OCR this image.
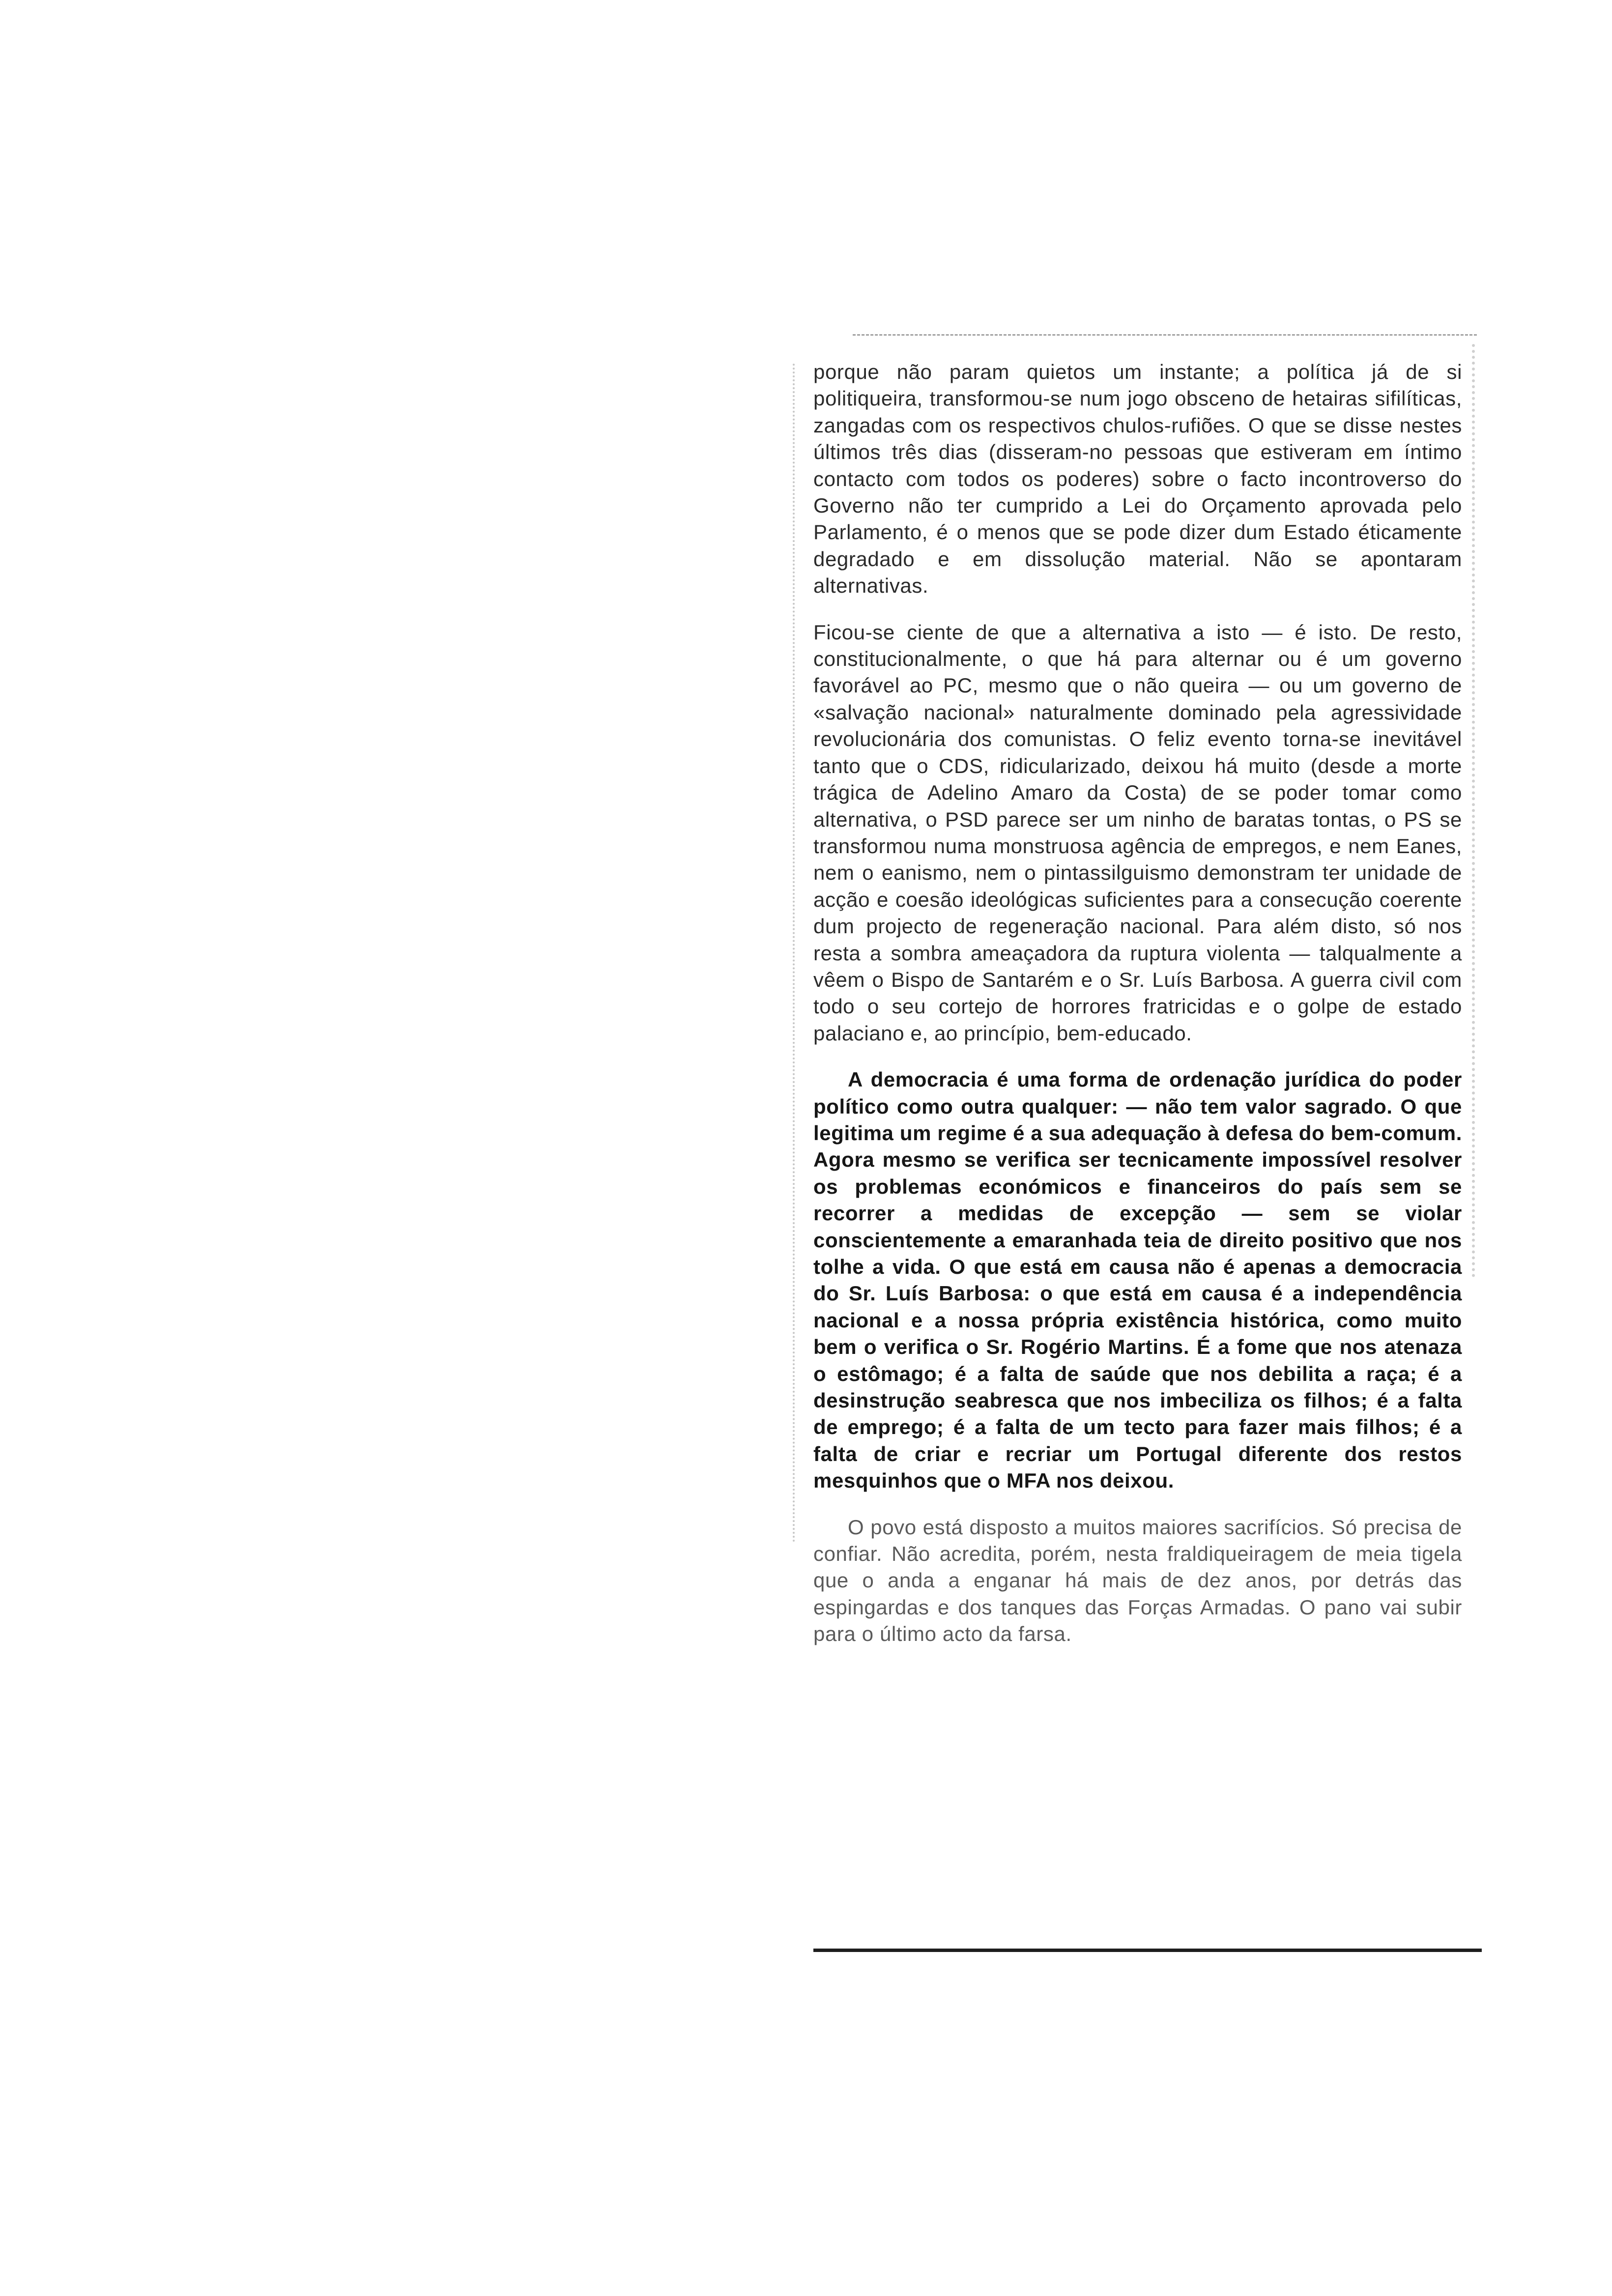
porque não param quietos um instante; a política já de si politiqueira, transformou-se num jogo obsceno de hetairas sifilíticas, zangadas com os respectivos chulos-rufiões. O que se disse nestes últimos três dias (disseram-no pessoas que estiveram em íntimo contacto com todos os poderes) sobre o facto incontroverso do Governo não ter cumprido a Lei do Orçamento aprovada pelo Parlamento, é o menos que se pode dizer dum Estado éticamente degradado e em dissolução material. Não se apontaram alternativas.

Ficou-se ciente de que a alternativa a isto — é isto. De resto, constitucionalmente, o que há para alternar ou é um governo favorável ao PC, mesmo que o não queira — ou um governo de «salvação nacional» naturalmente dominado pela agressividade revolucionária dos comunistas. O feliz evento torna-se inevitável tanto que o CDS, ridicularizado, deixou há muito (desde a morte trágica de Adelino Amaro da Costa) de se poder tomar como alternativa, o PSD parece ser um ninho de baratas tontas, o PS se transformou numa monstruosa agência de empregos, e nem Eanes, nem o eanismo, nem o pintassilguismo demonstram ter unidade de acção e coesão ideológicas suficientes para a consecução coerente dum projecto de regeneração nacional. Para além disto, só nos resta a sombra ameaçadora da ruptura violenta — talqualmente a vêem o Bispo de Santarém e o Sr. Luís Barbosa. A guerra civil com todo o seu cortejo de horrores fratricidas e o golpe de estado palaciano e, ao princípio, bem-educado.

A democracia é uma forma de ordenação jurídica do poder político como outra qualquer: — não tem valor sagrado. O que legitima um regime é a sua adequação à defesa do bem-comum. Agora mesmo se verifica ser tecnicamente impossível resolver os problemas económicos e financeiros do país sem se recorrer a medidas de excepção — sem se violar conscientemente a emaranhada teia de direito positivo que nos tolhe a vida. O que está em causa não é apenas a democracia do Sr. Luís Barbosa: o que está em causa é a independência nacional e a nossa própria existência histórica, como muito bem o verifica o Sr. Rogério Martins. É a fome que nos atenaza o estômago; é a falta de saúde que nos debilita a raça; é a desinstrução seabresca que nos imbeciliza os filhos; é a falta de emprego; é a falta de um tecto para fazer mais filhos; é a falta de criar e recriar um Portugal diferente dos restos mesquinhos que o MFA nos deixou.

O povo está disposto a muitos maiores sacrifícios. Só precisa de confiar. Não acredita, porém, nesta fraldiqueiragem de meia tigela que o anda a enganar há mais de dez anos, por detrás das espingardas e dos tanques das Forças Armadas. O pano vai subir para o último acto da farsa.
